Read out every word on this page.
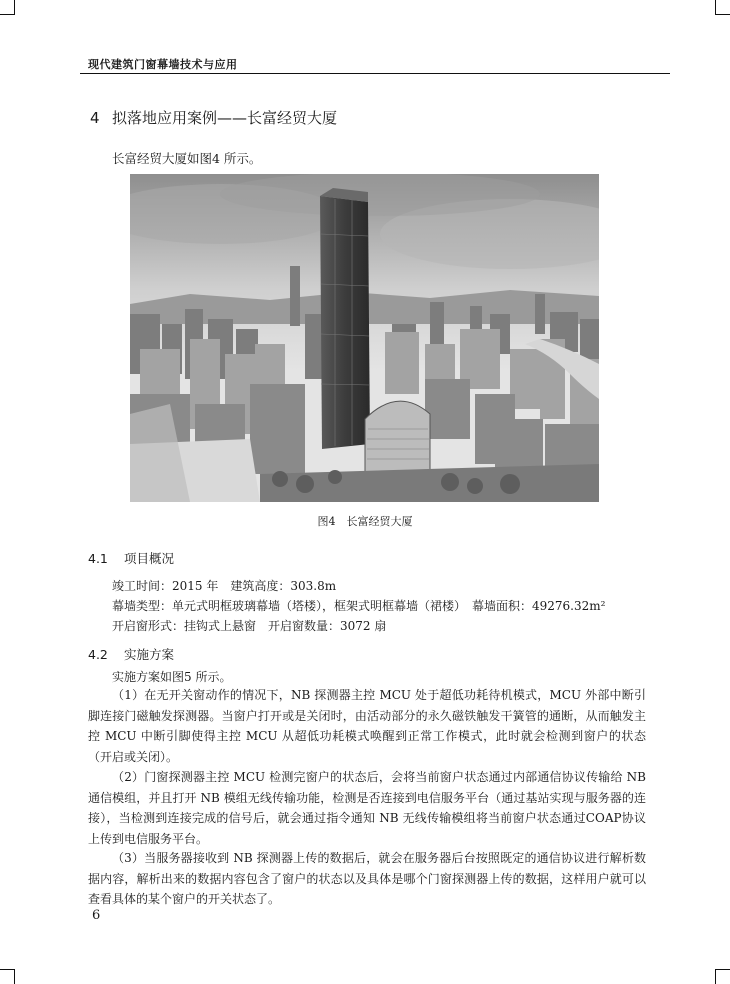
现代建筑门窗幕墙技术与应用
4 拟落地应用案例——长富经贸大厦
长富经贸大厦如图4 所示。
图4　长富经贸大厦
4.1 项目概况
竣工时间：2015 年　建筑高度：303.8m
幕墙类型：单元式明框玻璃幕墙（塔楼），框架式明框幕墙（裙楼）　幕墙面积：49276.32m²
开启窗形式：挂钩式上悬窗　开启窗数量：3072 扇
4.2 实施方案
实施方案如图5 所示。
（1）在无开关窗动作的情况下，NB 探测器主控 MCU 处于超低功耗待机模式，MCU 外部中断引脚连接门磁触发探测器。当窗户打开或是关闭时，由活动部分的永久磁铁触发干簧管的通断，从而触发主控 MCU 中断引脚使得主控 MCU 从超低功耗模式唤醒到正常工作模式，此时就会检测到窗户的状态（开启或关闭）。
（2）门窗探测器主控 MCU 检测完窗户的状态后，会将当前窗户状态通过内部通信协议传输给 NB 通信模组，并且打开 NB 模组无线传输功能，检测是否连接到电信服务平台（通过基站实现与服务器的连接），当检测到连接完成的信号后，就会通过指令通知 NB 无线传输模组将当前窗户状态通过COAP协议上传到电信服务平台。
（3）当服务器接收到 NB 探测器上传的数据后，就会在服务器后台按照既定的通信协议进行解析数据内容，解析出来的数据内容包含了窗户的状态以及具体是哪个门窗探测器上传的数据，这样用户就可以查看具体的某个窗户的开关状态了。
6
